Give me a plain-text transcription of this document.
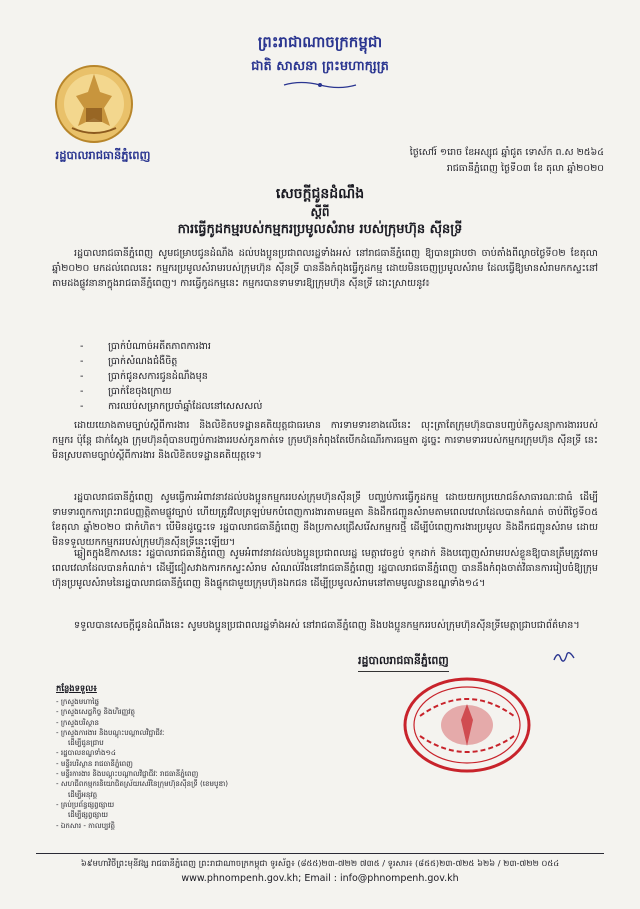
ព្រះរាជាណាចក្រកម្ពុជា
ជាតិ សាសនា ព្រះមហាក្សត្រ
រដ្ឋបាលរាជធានីភ្នំពេញ	ថ្ងៃសៅរ៍ ១រោច ខែអស្សុជ ឆ្នាំជូត ទោស័ក ព.ស ២៥៦៤
រាជធានីភ្នំពេញ ថ្ងៃទី០៣ ខែ តុលា ឆ្នាំ២០២០
សេចក្តីជូនដំណឹង
ស្តីពី
ការធ្វើកូដកម្មរបស់កម្មករប្រមូលសំរាម របស់ក្រុមហ៊ុន ស៊ីនទ្រី

រដ្ឋបាលរាជធានីភ្នំពេញ សូមជម្រាបជូនដំណឹង ដល់បងប្អូនប្រជាពលរដ្ឋទាំងអស់ នៅរាជធានីភ្នំពេញ ឱ្យបានជ្រាបថា ចាប់តាំងពីល្ងាចថ្ងៃទី០២ ខែតុលា ឆ្នាំ២០២០ មកដល់ពេលនេះ កម្មករប្រមូលសំរាមរបស់ក្រុមហ៊ុន ស៊ីនទ្រី បាននឹងកំពុងធ្វើកូដកម្ម ដោយមិនចេញប្រមូលសំរាម ដែលធ្វើឱ្យមានសំរាមកកស្ទះនៅតាមដងផ្លូវនានាក្នុងរាជធានីភ្នំពេញ។ ការធ្វើកូដកម្មនេះ កម្មករបានទាមទារឱ្យក្រុមហ៊ុន ស៊ីនទ្រី ដោះស្រាយនូវ៖

-	ប្រាក់បំណាច់អតីតភាពការងារ
-	ប្រាក់សំណងជំងឺចិត្ត
-	ប្រាក់ជូនសការជូនដំណឹងមុន
-	ប្រាក់ខែចុងក្រោយ
-	ការឈប់សម្រាកប្រចាំឆ្នាំដែលនៅសេសសល់

ដោយយោងតាមច្បាប់ស្តីពីការងារ និងលិខិតបទដ្ឋានគតិយុត្តជាធរមាន ការទាមទារខាងលើនេះ លុះត្រាតែក្រុមហ៊ុនបានបញ្ចប់កិច្ចសន្យាការងាររបស់កម្មករ ប៉ុន្តែ ជាក់ស្តែង ក្រុមហ៊ុនពុំបានបញ្ចប់ការងាររបស់កូនកាត់ទេ ក្រុមហ៊ុនកំពុងតែបើកដំណើរការធម្មតា ដូច្នេះ ការទាមទាររបស់កម្មករក្រុមហ៊ុន ស៊ីនទ្រី នេះ មិនស្របតាមច្បាប់ស្តីពីការងារ និងលិខិតបទដ្ឋានគតិយុត្តទេ។

រដ្ឋបាលរាជធានីភ្នំពេញ សូមធ្វើការអំពាវនាវដល់បងប្អូនកម្មកររបស់ក្រុមហ៊ុនស៊ីនទ្រី បញ្ឈប់ការធ្វើកូដកម្ម ដោយយកប្រយោជន៍សាធារណៈជាធំ ដើម្បីទាមទារពួកការព្រះរាជបញ្ញត្តិតាមផ្លូវច្បាប់ ហើយត្រូវវិលត្រឡប់មកបំពេញការងារតាមធម្មតា និងដឹកជញ្ជូនសំរាមតាមពេលវេលាដែលបានកំណត់ ចាប់ពីថ្ងៃទី០៥ ខែតុលា ឆ្នាំ២០២០ ជាកំហិត។ បើមិនដូច្នេះទេ រដ្ឋបាលរាជធានីភ្នំពេញ នឹងប្រកាសជ្រើសរើសកម្មករថ្មី ដើម្បីបំពេញការងារប្រមូល និងដឹកជញ្ជូនសំរាម ដោយមិនទទួលយកកម្មកររបស់ក្រុមហ៊ុនស៊ីនទ្រីនេះឡើយ។

ឆ្លៀតក្នុងឱកាសនេះ រដ្ឋបាលរាជធានីភ្នំពេញ សូមអំពាវនាវដល់បងប្អូនប្រជាពលរដ្ឋ មេត្តាវេចខ្ចប់ ទុកដាក់ និងបញ្ចេញសំរាមរបស់ខ្លួនឱ្យបានត្រឹមត្រូវតាមពេលវេលាដែលបានកំណត់។ ដើម្បីជៀសវាងការកកស្ទះសំរាម សំណល់រឹងនៅរាជធានីភ្នំពេញ រដ្ឋបាលរាជធានីភ្នំពេញ បាននឹងកំពុងចាត់វិធានការរៀបចំឱ្យក្រុមហ៊ុនប្រមូលសំរាមនៃរដ្ឋបាលរាជធានីភ្នំពេញ និងផ្ទុកជាមួយក្រុមហ៊ុនឯកជន ដើម្បីប្រមូលសំរាមនៅតាមមូលដ្ឋានខណ្ឌទាំង១៤។

ទទួលបានសេចក្តីជូនដំណឹងនេះ សូមបងប្អូនប្រជាពលរដ្ឋទាំងអស់ នៅរាជធានីភ្នំពេញ និងបងប្អូនកម្មកររបស់ក្រុមហ៊ុនស៊ីនទ្រីមេត្តាជ្រាបជាព័ត៌មាន។

រដ្ឋបាលរាជធានីភ្នំពេញ
កន្លែងទទួល៖
- ក្រសួងមហាផ្ទៃ
- ក្រសួងសេដ្ឋកិច្ច និងហិរញ្ញវត្ថុ
- ក្រសួងបរិស្ថាន
- ក្រសួងការងារ និងបណ្តុះបណ្តាលវិជ្ជាជីវៈ
ដើម្បីជូនជ្រាប
- រដ្ឋបាលខណ្ឌទាំង១៤
- មន្ទីរបរិស្ថាន រាជធានីភ្នំពេញ
- មន្ទីរការងារ និងបណ្តុះបណ្តាលវិជ្ជាជីវៈ រាជធានីភ្នំពេញ
- សហជីពកម្មករនិយោជិតស្រ័យសេរីនៃក្រុមហ៊ុនស៊ីនទ្រី (ខេមបូឌា)
ដើម្បីអនុវត្ត
- គ្រប់ប្រព័ន្ធផ្សព្វផ្សាយ
ដើម្បីផ្សព្វផ្សាយ
- ឯកសារ - កាលប្បវត្តិ
៦៩មហាវិថីព្រះមុនីវង្ស រាជធានីភ្នំពេញ ព្រះរាជាណាចក្រកម្ពុជា ទូរស័ព្ទ៖ (៨៥៥)២៣-៧២២ ៧៣៥ / ទូរសារ៖ (៨៥៥)២៣-៧២៥ ៦២៦ / ២៣-៧២២ ០៥៤
www.phnompenh.gov.kh; Email : info@phnompenh.gov.kh
